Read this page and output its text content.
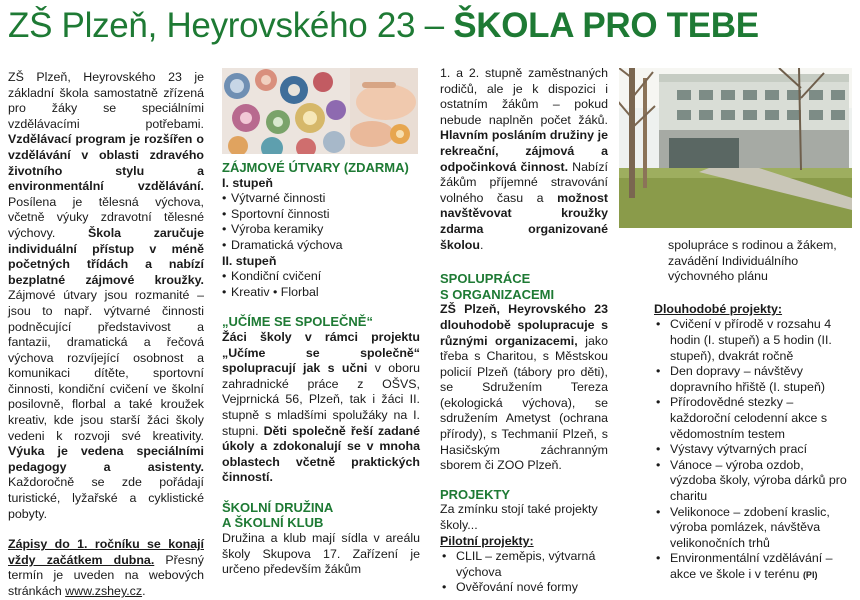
ZŠ Plzeň, Heyrovského 23 – ŠKOLA PRO TEBE

ZŠ Plzeň, Heyrovského 23 je základní škola samostatně zřízená pro žáky se speciálními vzdělávacími potřebami. Vzdělávací program je rozšířen o vzdělávání v oblasti zdravého životního stylu a environmentální vzdělávání. Posílena je tělesná výchova, včetně výuky zdravotní tělesné výchovy. Škola zaručuje individuální přístup v méně početných třídách a nabízí bezplatné zájmové kroužky. Zájmové útvary jsou rozmanité – jsou to např. výtvarné činnosti podněcující představivost a fantazii, dramatická a řečová výchova rozvíjející osobnost a komunikaci dítěte, sportovní činnosti, kondiční cvičení ve školní posilovně, florbal a také kroužek kreativ, kde jsou starší žáci školy vedeni k rozvoji své kreativity. Výuka je vedena speciálními pedagogy a asistenty. Každoročně se zde pořádají turistické, lyžařské a cyklistické pobyty.

Zápisy do 1. ročníku se konají vždy začátkem dubna. Přesný termín je uveden na webových stránkách www.zshey.cz.

ZÁJMOVÉ ÚTVARY (ZDARMA)
I. stupeň
• Výtvarné činnosti
• Sportovní činnosti
• Výroba keramiky
• Dramatická výchova
II. stupeň
• Kondiční cvičení
• Kreativ • Florbal
„UČÍME SE SPOLEČNĚ“

Žáci školy v rámci projektu „Učíme se společně“ spolupracují jak s učni v oboru zahradnické práce z OŠVS, Vejprnická 56, Plzeň, tak i žáci II. stupně s mladšími spolužáky na I. stupni. Děti společně řeší zadané úkoly a zdokonalují se v mnoha oblastech včetně praktických činností.

ŠKOLNÍ DRUŽINA
A ŠKOLNÍ KLUB

Družina a klub mají sídla v areálu školy Skupova 17. Zařízení je určeno především žákům

1. a 2. stupně zaměstnaných rodičů, ale je k dispozici i ostatním žákům – pokud nebude naplněn počet žáků. Hlavním posláním družiny je rekreační, zájmová a odpočinková činnost. Nabízí žákům příjemné stravování volného času a možnost navštěvovat kroužky zdarma organizované školou.

SPOLUPRÁCE
S ORGANIZACEMI

ZŠ Plzeň, Heyrovského 23 dlouhodobě spolupracuje s různými organizacemi, jako třeba s Charitou, s Městskou policií Plzeň (tábory pro děti), se Sdružením Tereza (ekologická výchova), se sdružením Ametyst (ochrana přírody), s Techmanií Plzeň, s Hasičským záchranným sborem či ZOO Plzeň.

PROJEKTY

Za zmínku stojí také projekty školy...

Pilotní projekty:
• CLIL – zeměpis, výtvarná výchova
• Ověřování nové formy

spolupráce s rodinou a žákem, zavádění Individuálního výchovného plánu

Dlouhodobé projekty:
• Cvičení v přírodě v rozsahu 4 hodin (I. stupeň) a 5 hodin (II. stupeň), dvakrát ročně
• Den dopravy – návštěvy dopravního hřiště (I. stupeň)
• Přírodovědné stezky – každoroční celodenní akce s vědomostním testem
• Výstavy výtvarných prací
• Vánoce – výroba ozdob, výzdoba školy, výroba dárků pro charitu
• Velikonoce – zdobení kraslic, výroba pomlázek, návštěva velikonočních trhů
• Environmentální vzdělávání – akce ve škole i v terénu (PI)
